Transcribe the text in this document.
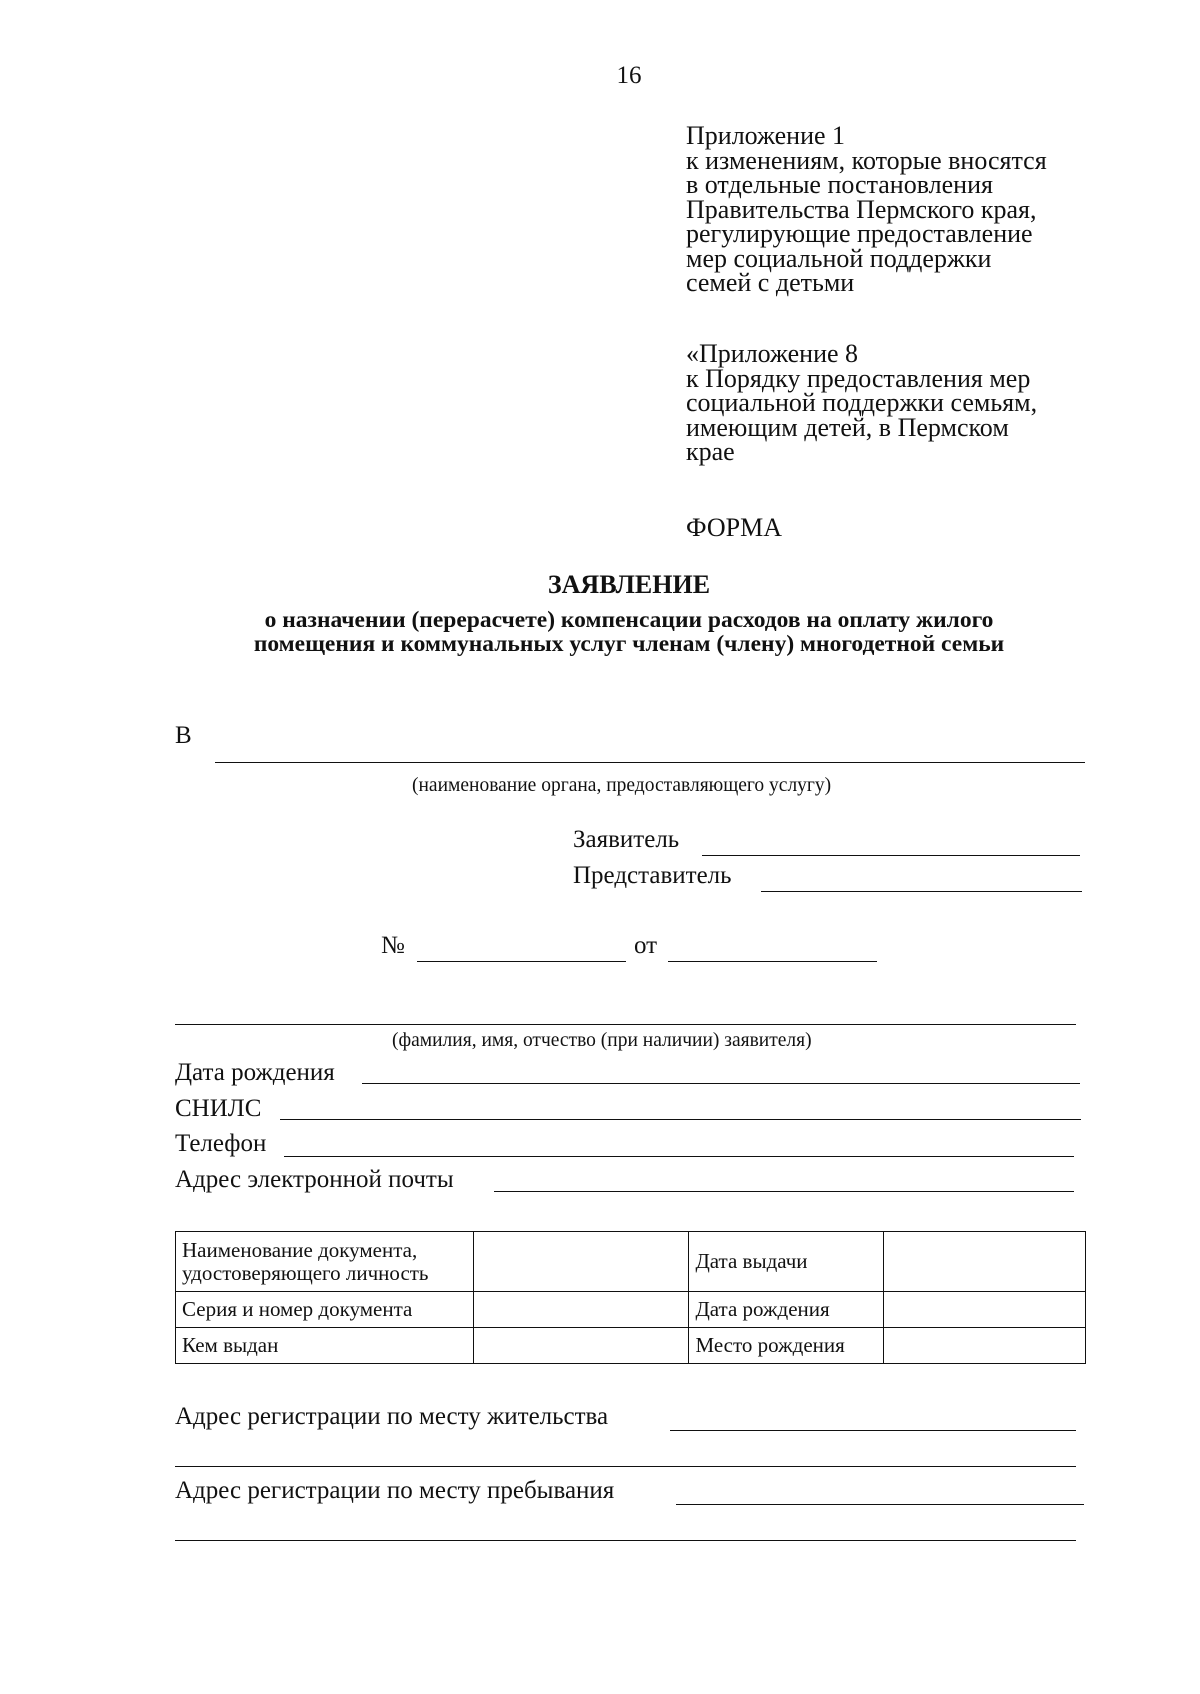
16
Приложение 1
к изменениям, которые вносятся
в отдельные постановления
Правительства Пермского края,
регулирующие предоставление
мер социальной поддержки
семей с детьми
«Приложение 8
к Порядку предоставления мер
социальной поддержки семьям,
имеющим детей, в Пермском
крае
ФОРМА
ЗАЯВЛЕНИЕ
о назначении (перерасчете) компенсации расходов на оплату жилого
помещения и коммунальных услуг членам (члену) многодетной семьи
В
(наименование органа, предоставляющего услугу)
Заявитель
Представитель
№	от
(фамилия, имя, отчество (при наличии) заявителя)
Дата рождения
СНИЛС
Телефон
Адрес электронной почты
Наименование документа,
удостоверяющего личность		Дата выдачи	
Серия и номер документа		Дата рождения	
Кем выдан		Место рождения	
Адрес регистрации по месту жительства
Адрес регистрации по месту пребывания
